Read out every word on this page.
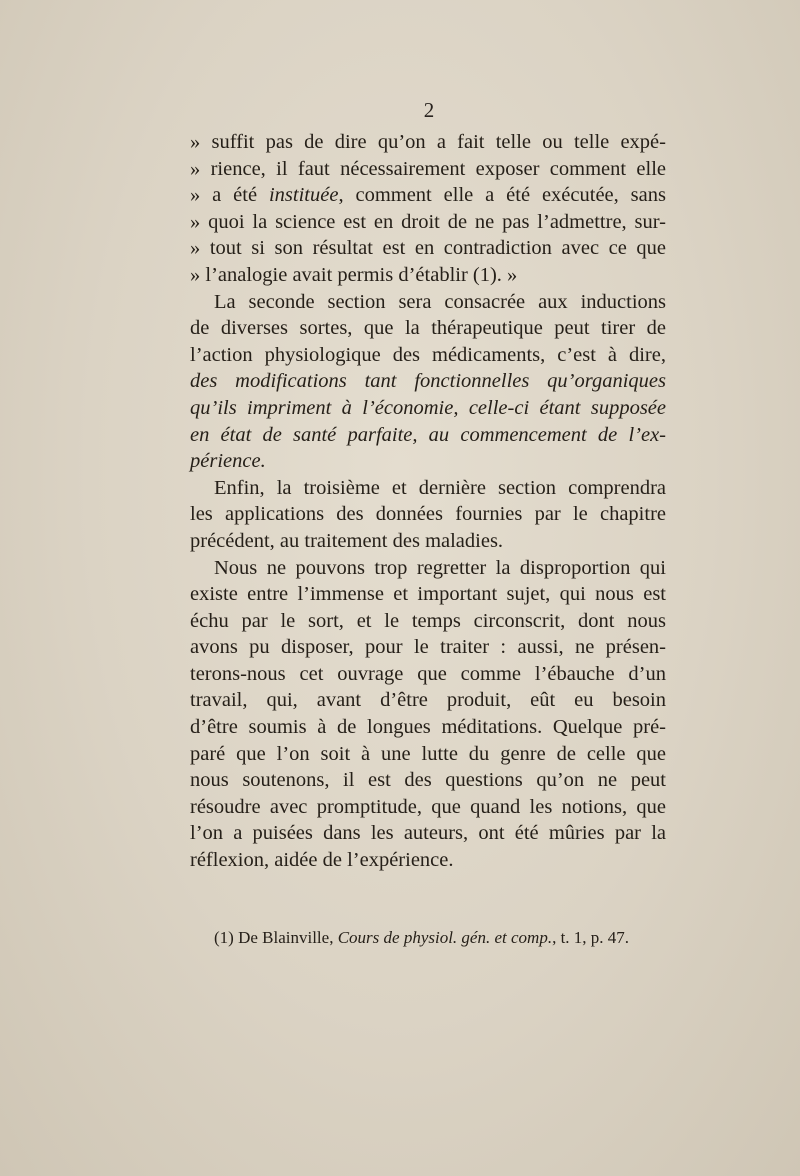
2
» suffit pas de dire qu’on a fait telle ou telle expé-
» rience, il faut nécessairement exposer comment elle
» a été instituée, comment elle a été exécutée, sans
» quoi la science est en droit de ne pas l’admettre, sur-
» tout si son résultat est en contradiction avec ce que
» l’analogie avait permis d’établir (1). »
La seconde section sera consacrée aux inductions
de diverses sortes, que la thérapeutique peut tirer de
l’action physiologique des médicaments, c’est à dire,
des modifications tant fonctionnelles qu’organiques
qu’ils impriment à l’économie, celle-ci étant supposée
en état de santé parfaite, au commencement de l’ex-
périence.
Enfin, la troisième et dernière section comprendra
les applications des données fournies par le chapitre
précédent, au traitement des maladies.
Nous ne pouvons trop regretter la disproportion qui
existe entre l’immense et important sujet, qui nous est
échu par le sort, et le temps circonscrit, dont nous
avons pu disposer, pour le traiter : aussi, ne présen-
terons-nous cet ouvrage que comme l’ébauche d’un
travail, qui, avant d’être produit, eût eu besoin
d’être soumis à de longues méditations. Quelque pré-
paré que l’on soit à une lutte du genre de celle que
nous soutenons, il est des questions qu’on ne peut
résoudre avec promptitude, que quand les notions, que
l’on a puisées dans les auteurs, ont été mûries par la
réflexion, aidée de l’expérience.
(1) De Blainville, Cours de physiol. gén. et comp., t. 1, p. 47.
